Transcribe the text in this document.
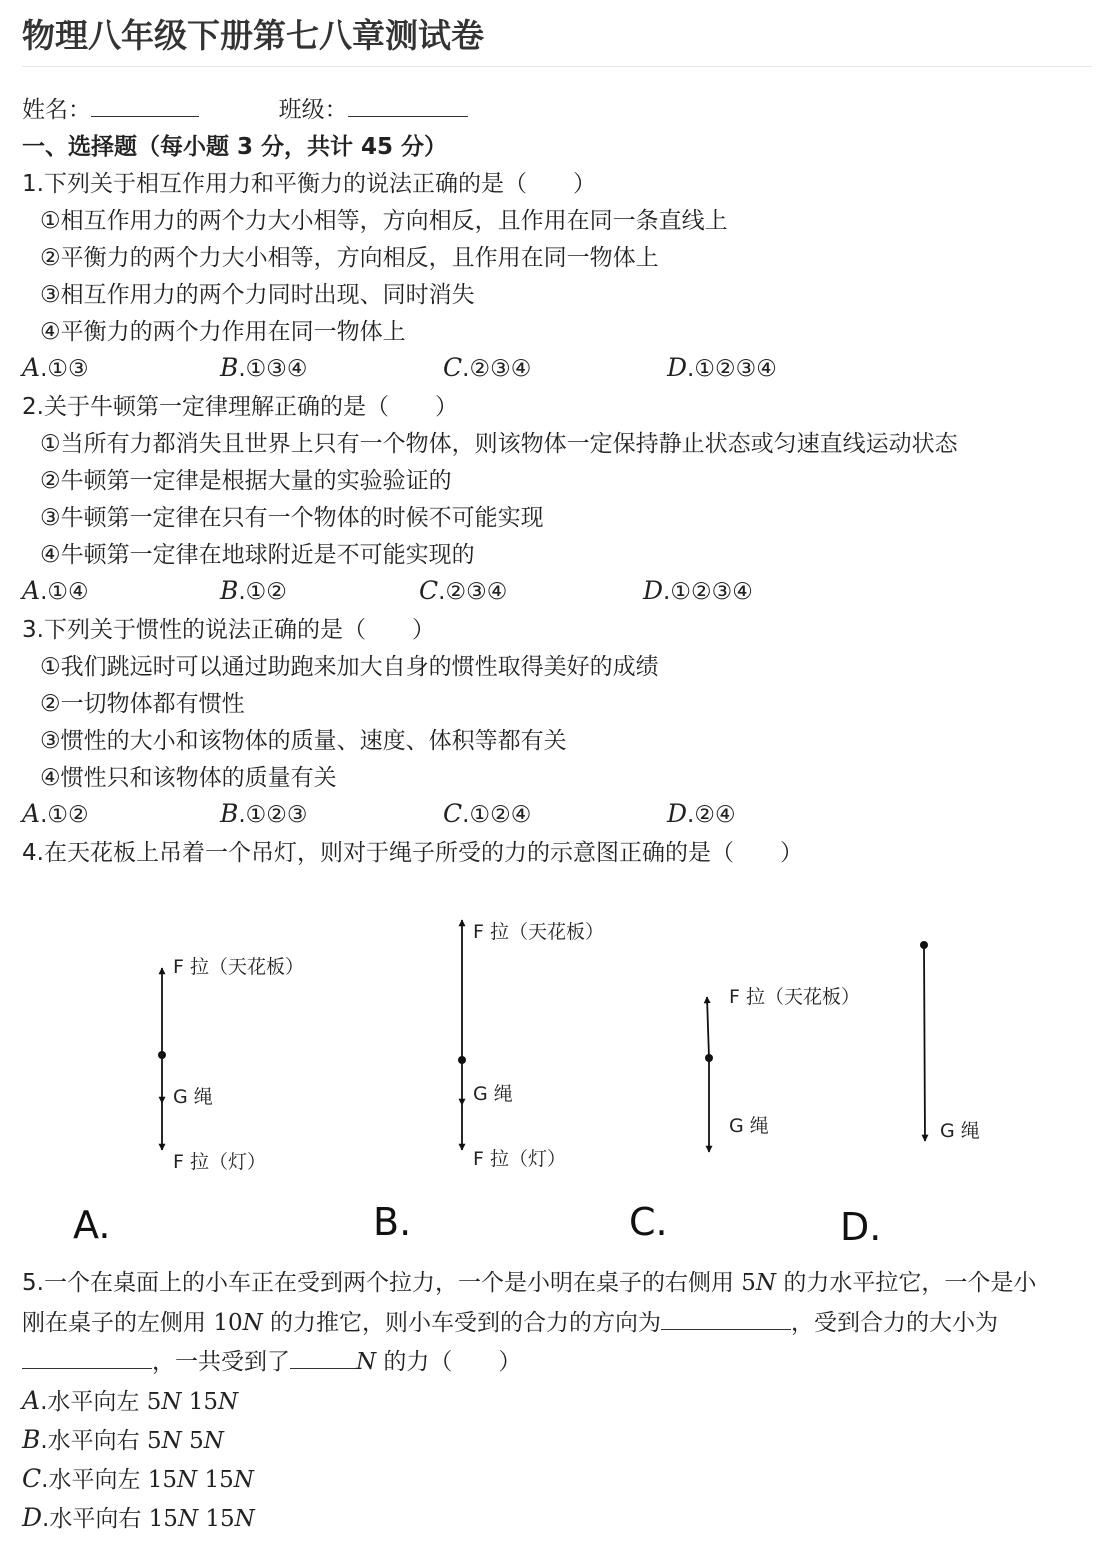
物理八年级下册第七八章测试卷
姓名：	班级：
一、选择题（每小题 3 分，共计 45 分）
1.下列关于相互作用力和平衡力的说法正确的是（　　）
①相互作用力的两个力大小相等，方向相反，且作用在同一条直线上
②平衡力的两个力大小相等，方向相反，且作用在同一物体上
③相互作用力的两个力同时出现、同时消失
④平衡力的两个力作用在同一物体上
A.①③	B.①③④	C.②③④	D.①②③④
2.关于牛顿第一定律理解正确的是（　　）
①当所有力都消失且世界上只有一个物体，则该物体一定保持静止状态或匀速直线运动状态
②牛顿第一定律是根据大量的实验验证的
③牛顿第一定律在只有一个物体的时候不可能实现
④牛顿第一定律在地球附近是不可能实现的
A.①④	B.①②	C.②③④	D.①②③④
3.下列关于惯性的说法正确的是（　　）
①我们跳远时可以通过助跑来加大自身的惯性取得美好的成绩
②一切物体都有惯性
③惯性的大小和该物体的质量、速度、体积等都有关
④惯性只和该物体的质量有关
A.①②	B.①②③	C.①②④	D.②④
4.在天花板上吊着一个吊灯，则对于绳子所受的力的示意图正确的是（　　）
F 拉（天花板）
G 绳
F 拉（灯）
A.
F 拉（天花板）
G 绳
F 拉（灯）
B.
F 拉（天花板）
G 绳
C.
G 绳
D.
5.一个在桌面上的小车正在受到两个拉力，一个是小明在桌子的右侧用 5N 的力水平拉它，一个是小
刚在桌子的左侧用 10N 的力推它，则小车受到的合力的方向为	，受到合力的大小为
，一共受到了	N 的力（　　）
A.水平向左 5N 15N
B.水平向右 5N 5N
C.水平向左 15N 15N
D.水平向右 15N 15N
